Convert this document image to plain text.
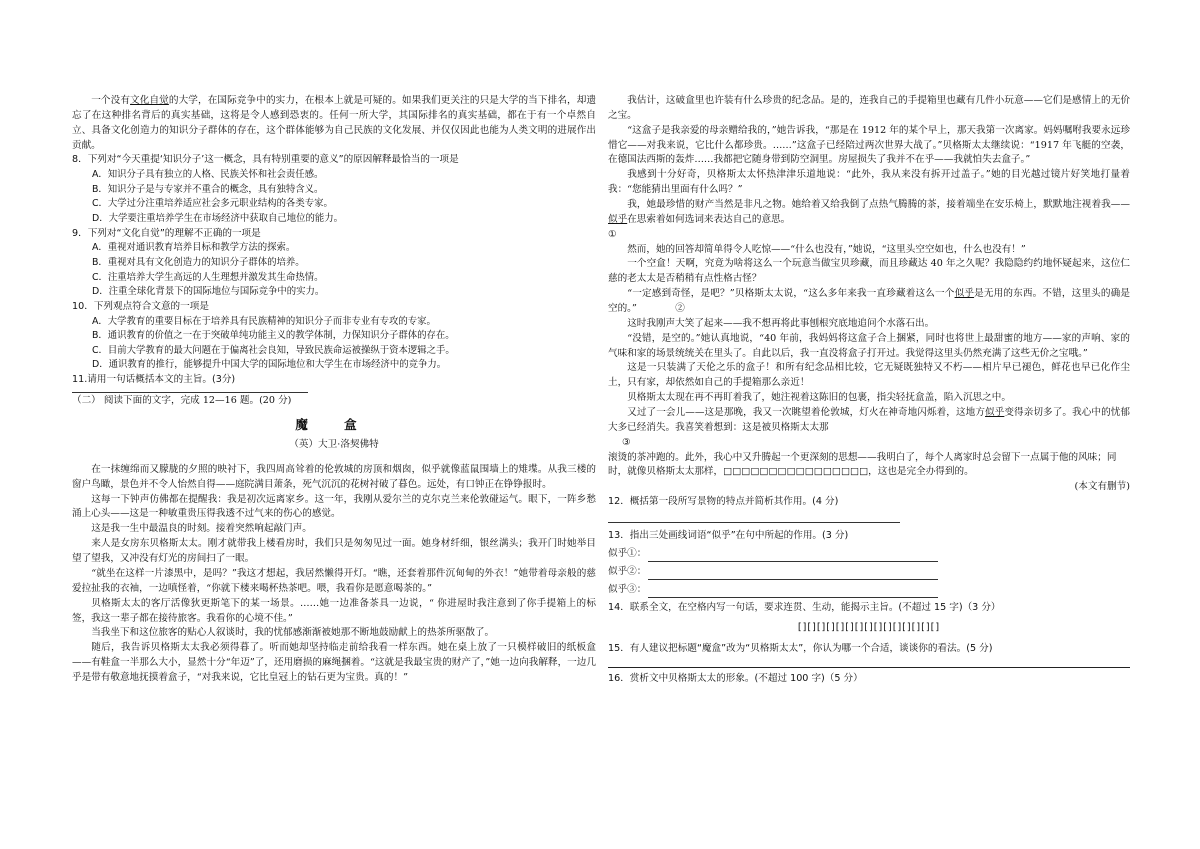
一个没有文化自觉的大学，在国际竞争中的实力，在根本上就是可疑的。如果我们更关注的只是大学的当下排名，却遗忘了在这种排名背后的真实基础，这将是令人感到恐衷的。任何一所大学，其国际排名的真实基础，都在于有一个卓然自立、具备文化创造力的知识分子群体的存在，这个群体能够为自己民族的文化发展、并仅仅因此也能为人类文明的进展作出贡献。

8．下列对“今天重提‘知识分子’这一概念，具有特别重要的意义”的原因解释最恰当的一项是

A．知识分子具有独立的人格、民族关怀和社会责任感。

B．知识分子是与专家并不重合的概念，具有独特含义。

C．大学过分注重培养适应社会多元职业结构的各类专家。

D．大学要注重培养学生在市场经济中获取自己地位的能力。

9．下列对“文化自觉”的理解不正确的一项是

A．重视对通识教育培养目标和教学方法的探索。

B．重视对具有文化创造力的知识分子群体的培养。

C．注重培养大学生高远的人生理想并激发其生命热情。

D．注重全球化背景下的国际地位与国际竞争中的实力。

10．下列观点符合文意的一项是

A．大学教育的重要目标在于培养具有民族精神的知识分子而非专业有专攻的专家。

B．通识教育的价值之一在于突破单纯功能主义的教学体制，力保知识分子群体的存在。

C．目前大学教育的最大问题在于偏离社会良知，导致民族命运被操纵于资本逻辑之手。

D．通识教育的推行，能够提升中国大学的国际地位和大学生在市场经济中的竞争力。

11.请用一句话概括本文的主旨。(3分)

（二） 阅读下面的文字，完成 12—16 题。(20 分)

魔 盒

（英）大卫·洛契佛特

在一抹缠绵而又朦胧的夕照的映衬下，我四周高耸着的伦敦城的房顶和烟囱，似乎就像蓝鼠围墙上的雉堞。从我三楼的窗户鸟瞰，景色并不令人怡然自得——庭院满目萧条，死气沉沉的花树衬破了暮色。远处，有口钟正在铮铮报时。

这每一下钟声仿佛都在提醒我：我是初次远离家乡。这一年，我刚从爱尔兰的克尔克兰来伦敦碰运气。眼下，一阵乡愁涌上心头——这是一种敏重贵压得我透不过气来的伤心的感觉。

这是我一生中最温良的时刻。接着突然响起敲门声。

来人是女房东贝格斯太太。刚才就带我上楼看房时，我们只是匆匆见过一面。她身材纤细，银丝满头；我开门时她举目望了望我，又冲没有灯光的房间扫了一眼。

“就坐在这样一片漆黑中，是吗？”我这才想起，我居然懒得开灯。“瞧，还套着那件沉甸甸的外衣！”她带着母亲般的慈爱拉扯我的衣袖，一边嗔怪着，“你就下楼来喝杯热茶吧。喂，我看你是愿意喝茶的。”

贝格斯太太的客厅活像狄更斯笔下的某一场景。……她一边准备茶具一边说，“ 你进屋时我注意到了你手提箱上的标签，我这一辈子都在接待旅客。我看你的心境不佳。”

当我坐下和这位旅客的贴心人叙谈时，我的忧郁感渐渐被她那不断地鼓励献上的热茶所驱散了。

随后，我告诉贝格斯太太我必须得暮了。听而她却坚持临走前给我看一样东西。她在桌上放了一只模样破旧的纸板盒——有鞋盒一半那么大小，显然十分“年迈”了，还用磨损的麻绳捆着。“这就是我最宝贵的财产了，”她一边向我解释，一边几乎是带有敬意地抚摸着盒子，“对我来说，它比皇冠上的钻石更为宝贵。真的！”

我估计，这破盒里也许装有什么珍贵的纪念品。是的，连我自己的手提箱里也藏有几件小玩意——它们是感情上的无价之宝。

“这盒子是我亲爱的母亲赠给我的，”她告诉我，“那是在 1912 年的某个早上，那天我第一次离家。妈妈嘱咐我要永远珍惜它——对我来说，它比什么都珍贵。……”这盒子已经陪过两次世界大战了。”贝格斯太太继续说：“1917 年飞艇的空袭，在德国法西斯的轰炸……我都把它随身带到防空洞里。房屋损失了我并不在乎——我就怕失去盒子。”

我感到十分好奇，贝格斯太太怀热津津乐道地说：“此外，我从来没有拆开过盖子。”她的目光越过镜片好笑地打量着我：“您能猜出里面有什么吗？”

我，她最珍惜的财产当然是非凡之物。她给着又给我倒了点热气腾腾的茶，接着端坐在安乐椅上，默默地注视着我——似乎在思索着如何选词来表达自己的意思。

①

然而，她的回答却简单得令人吃惊——“什么也没有，”她说，“这里头空空如也，什么也没有！”

一个空盒！天啊，究竟为啥将这么一个玩意当做宝贝珍藏，而且珍藏达 40 年之久呢？我隐隐约约地怀疑起来，这位仁慈的老太太是否稍稍有点性格古怪？

“一定感到奇怪，是吧？”贝格斯太太说，“这么多年来我一直珍藏着这么一个似乎是无用的东西。不错，这里头的确是空的。”　　　　	②

这时我刚声大笑了起来——我不想再将此事刨根究底地追问个水落石出。

“没错，是空的。”她认真地说，“40 年前，我妈妈将这盒子合上捆紧，同时也将世上最甜蜜的地方——家的声响、家的气味和家的场景统统关在里头了。自此以后，我一直没将盒子打开过。我觉得这里头仍然充满了这些无价之宝哦。”

这是一只装满了天伦之乐的盒子！和所有纪念品相比较，它无疑既独特又不朽——相片早已褪色，鲜花也早已化作尘土，只有家，却依然如自己的手提箱那么亲近！

贝格斯太太现在再不再盯着我了，她注视着这陈旧的包裹，指尖轻抚盒盖，陷入沉思之中。

又过了一会儿——这是那晚，我又一次眺望着伦敦城，灯火在神奇地闪烁着，这地方似乎变得亲切多了。我心中的忧郁大多已经消失。我喜笑着想到：这是被贝格斯太太那

③

滚烫的茶冲跑的。此外，我心中又升腾起一个更深刻的思想——我明白了，每个人离家时总会留下一点属于他的风味；同时，就像贝格斯太太那样，□□□□□□□□□□□□□□□□，这也是完全办得到的。

(本文有删节)

12．概括第一段所写景物的特点并简析其作用。(4 分)

13．指出三处画线词语“似乎”在句中所起的作用。(3 分)

似乎①：
似乎②：
似乎③：

14．联系全文，在空格内写一句话，要求连贯、生动，能揭示主旨。(不超过 15 字)（3 分）

[][][][][][][][][][][][][][][]

15．有人建议把标题“魔盒”改为“贝格斯太太”，你认为哪一个合适，谈谈你的看法。(5 分)

16．赏析文中贝格斯太太的形象。(不超过 100 字)（5 分）
